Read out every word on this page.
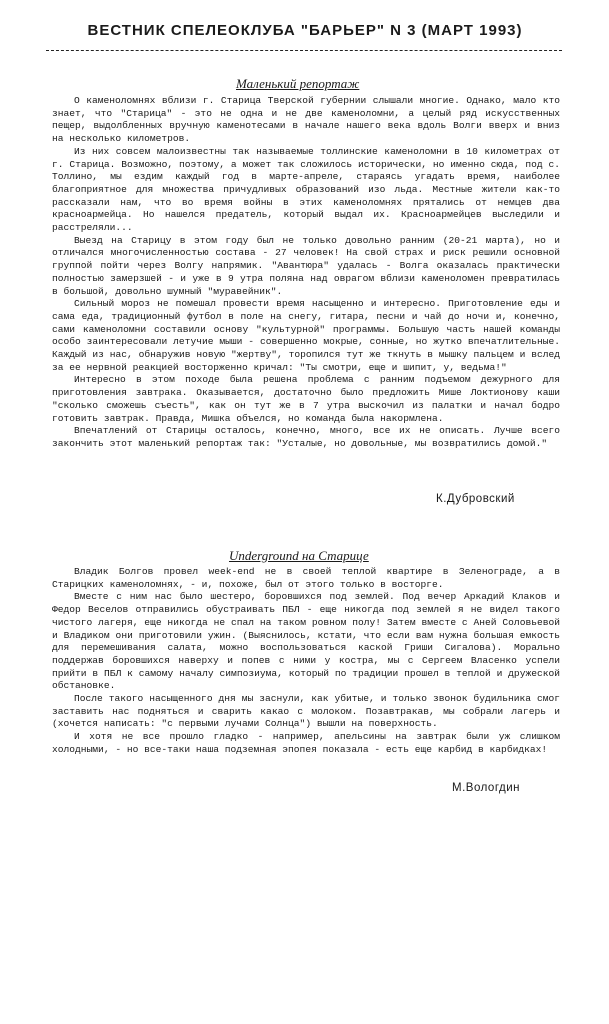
ВЕСТНИК СПЕЛЕОКЛУБА "БАРЬЕР" N 3 (МАРТ 1993)
Маленький репортаж

О каменоломнях вблизи г. Старица Тверской губернии слышали многие. Однако, мало кто знает, что "Старица" - это не одна и не две каменоломни, а целый ряд искусственных пещер, выдолбленных вручную каменотесами в начале нашего века вдоль Волги вверх и вниз на несколько километров.

Из них совсем малоизвестны так называемые толлинские каменоломни в 10 километрах от г. Старица. Возможно, поэтому, а может так сложилось исторически, но именно сюда, под с. Толлино, мы ездим каждый год в марте-апреле, стараясь угадать время, наиболее благоприятное для множества причудливых образований изо льда. Местные жители как-то рассказали нам, что во время войны в этих каменоломнях прятались от немцев два красноармейца. Но нашелся предатель, который выдал их. Красноармейцев выследили и расстреляли...

Выезд на Старицу в этом году был не только довольно ранним (20-21 марта), но и отличался многочисленностью состава - 27 человек! На свой страх и риск решили основной группой пойти через Волгу напрямик. "Авантюра" удалась - Волга оказалась практически полностью замерзшей - и уже в 9 утра поляна над оврагом вблизи каменоломен превратилась в большой, довольно шумный "муравейник".

Сильный мороз не помешал провести время насыщенно и интересно. Приготовление еды и сама еда, традиционный футбол в поле на снегу, гитара, песни и чай до ночи и, конечно, сами каменоломни составили основу "культурной" программы. Большую часть нашей команды особо заинтересовали летучие мыши - совершенно мокрые, сонные, но жутко впечатлительные. Каждый из нас, обнаружив новую "жертву", торопился тут же ткнуть в мышку пальцем и вслед за ее нервной реакцией восторженно кричал: "Ты смотри, еще и шипит, у, ведьма!"

Интересно в этом походе была решена проблема с ранним подъемом дежурного для приготовления завтрака. Оказывается, достаточно было предложить Мише Локтионову каши "сколько сможешь съесть", как он тут же в 7 утра выскочил из палатки и начал бодро готовить завтрак. Правда, Мишка объелся, но команда была накормлена.

Впечатлений от Старицы осталось, конечно, много, все их не описать. Лучше всего закончить этот маленький репортаж так: "Усталые, но довольные, мы возвратились домой."

К.Дубровский
Underground на Старице

Владик Болгов провел week-end не в своей теплой квартире в Зеленограде, а в Старицких каменоломнях, - и, похоже, был от этого только в восторге.

Вместе с ним нас было шестеро, боровшихся под землей. Под вечер Аркадий Клаков и Федор Веселов отправились обустраивать ПБЛ - еще никогда под землей я не видел такого чистого лагеря, еще никогда не спал на таком ровном полу! Затем вместе с Аней Соловьевой и Владиком они приготовили ужин. (Выяснилось, кстати, что если вам нужна большая емкость для перемешивания салата, можно воспользоваться каской Гриши Сигалова). Морально поддержав боровшихся наверху и попев с ними у костра, мы с Сергеем Власенко успели прийти в ПБЛ к самому началу симпозиума, который по традиции прошел в теплой и дружеской обстановке.

После такого насыщенного дня мы заснули, как убитые, и только звонок будильника смог заставить нас подняться и сварить какао с молоком. Позавтракав, мы собрали лагерь и (хочется написать: "с первыми лучами Солнца") вышли на поверхность.

И хотя не все прошло гладко - например, апельсины на завтрак были уж слишком холодными, - но все-таки наша подземная эпопея показала - есть еще карбид в карбидках!

М.Вологдин
